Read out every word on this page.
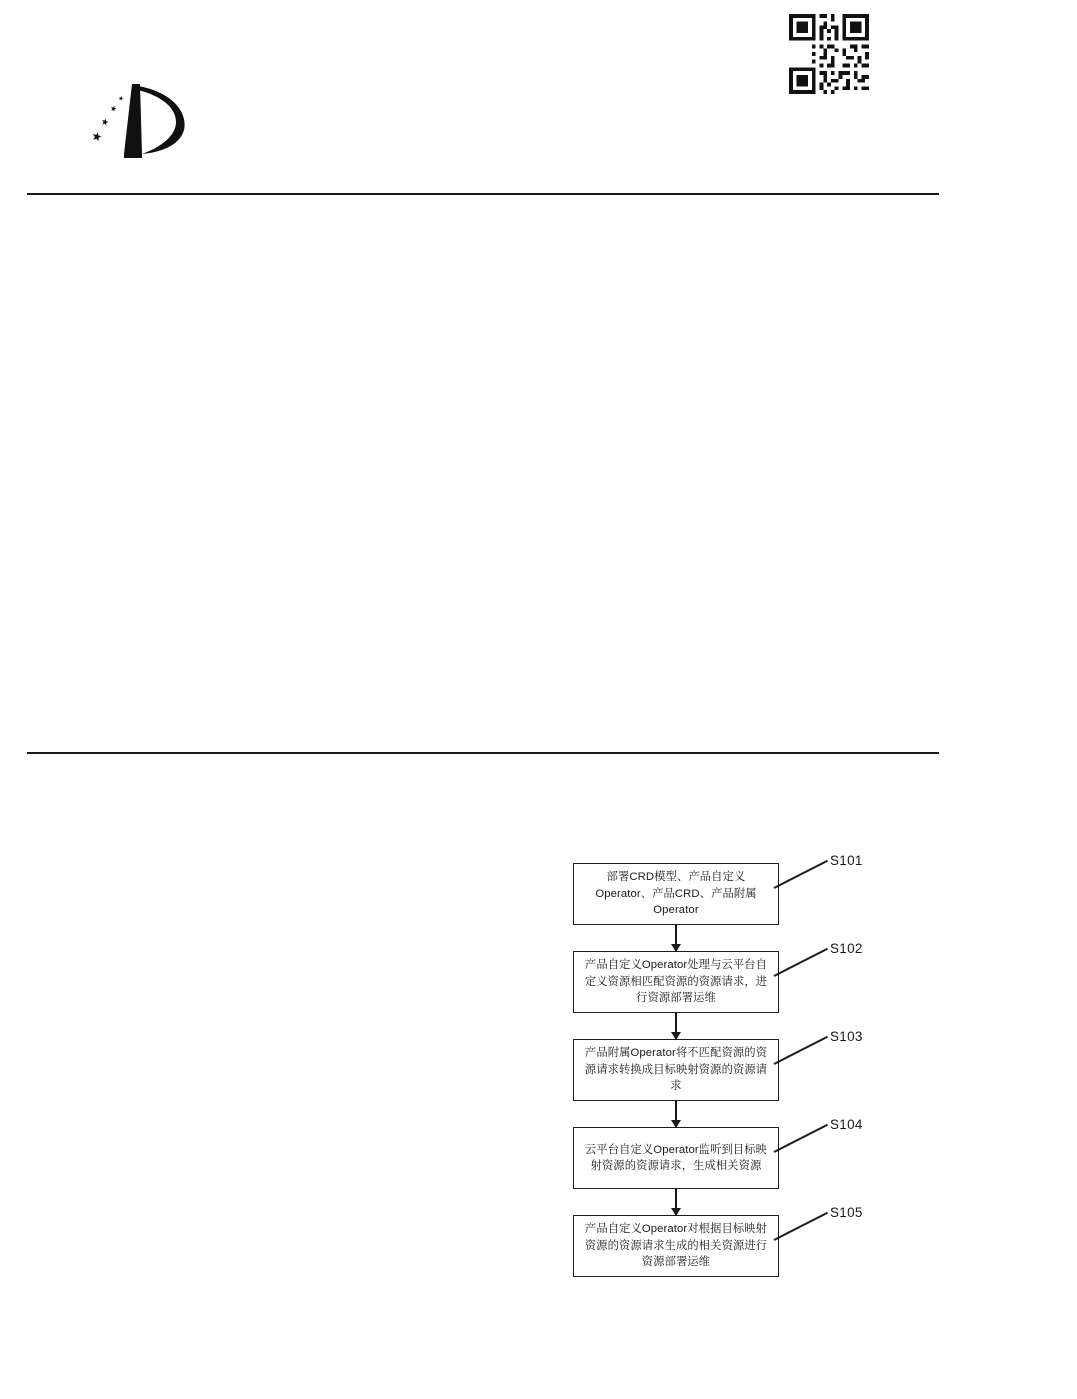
部署CRD模型、产品自定义Operator、产品CRD、产品附属Operator
产品自定义Operator处理与云平台自定义资源相匹配资源的资源请求，进行资源部署运维
产品附属Operator将不匹配资源的资源请求转换成目标映射资源的资源请求
云平台自定义Operator监听到目标映射资源的资源请求，生成相关资源
产品自定义Operator对根据目标映射资源的资源请求生成的相关资源进行资源部署运维
S101
S102
S103
S104
S105
